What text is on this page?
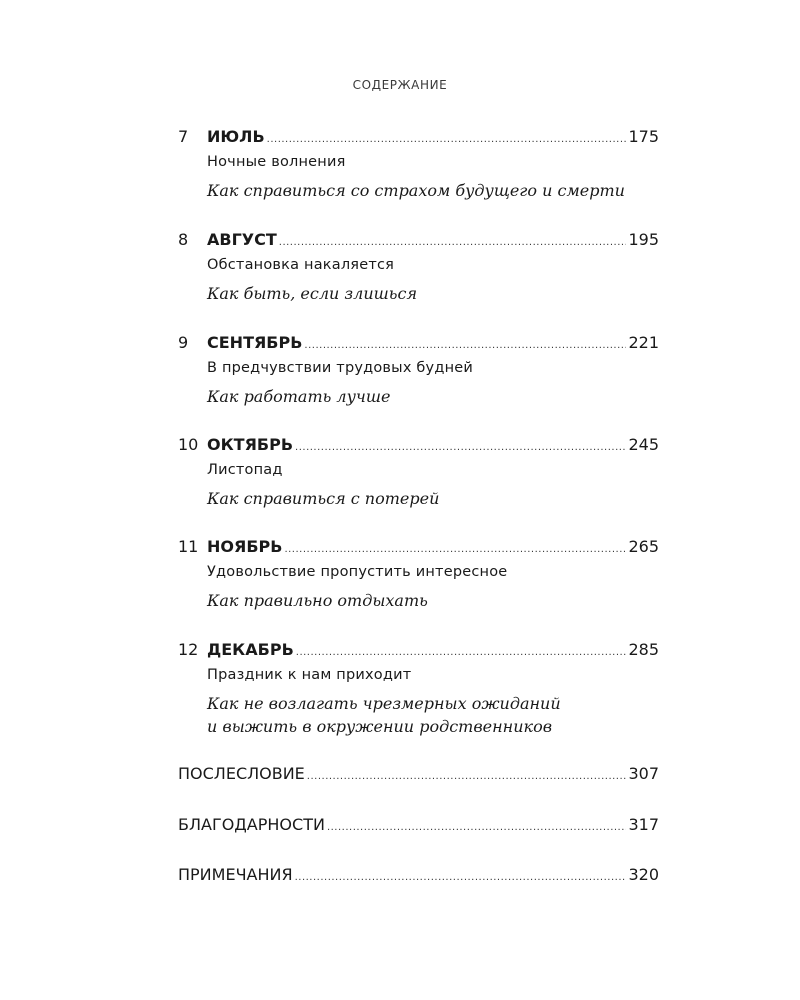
СОДЕРЖАНИЕ
7	ИЮЛЬ .....	175
Ночные волнения
Как справиться со страхом будущего и смерти
8	АВГУСТ .....	195
Обстановка накаляется
Как быть, если злишься
9	СЕНТЯБРЬ .....	221
В предчувствии трудовых будней
Как работать лучше
10 ОКТЯБРЬ .....	245
Листопад
Как справиться с потерей
11 НОЯБРЬ .....	265
Удовольствие пропустить интересное
Как правильно отдыхать
12 ДЕКАБРЬ .....	285
Праздник к нам приходит
Как не возлагать чрезмерных ожиданий
и выжить в окружении родственников
ПОСЛЕСЛОВИЕ .....	307
БЛАГОДАРНОСТИ .....	317
ПРИМЕЧАНИЯ .....	320
